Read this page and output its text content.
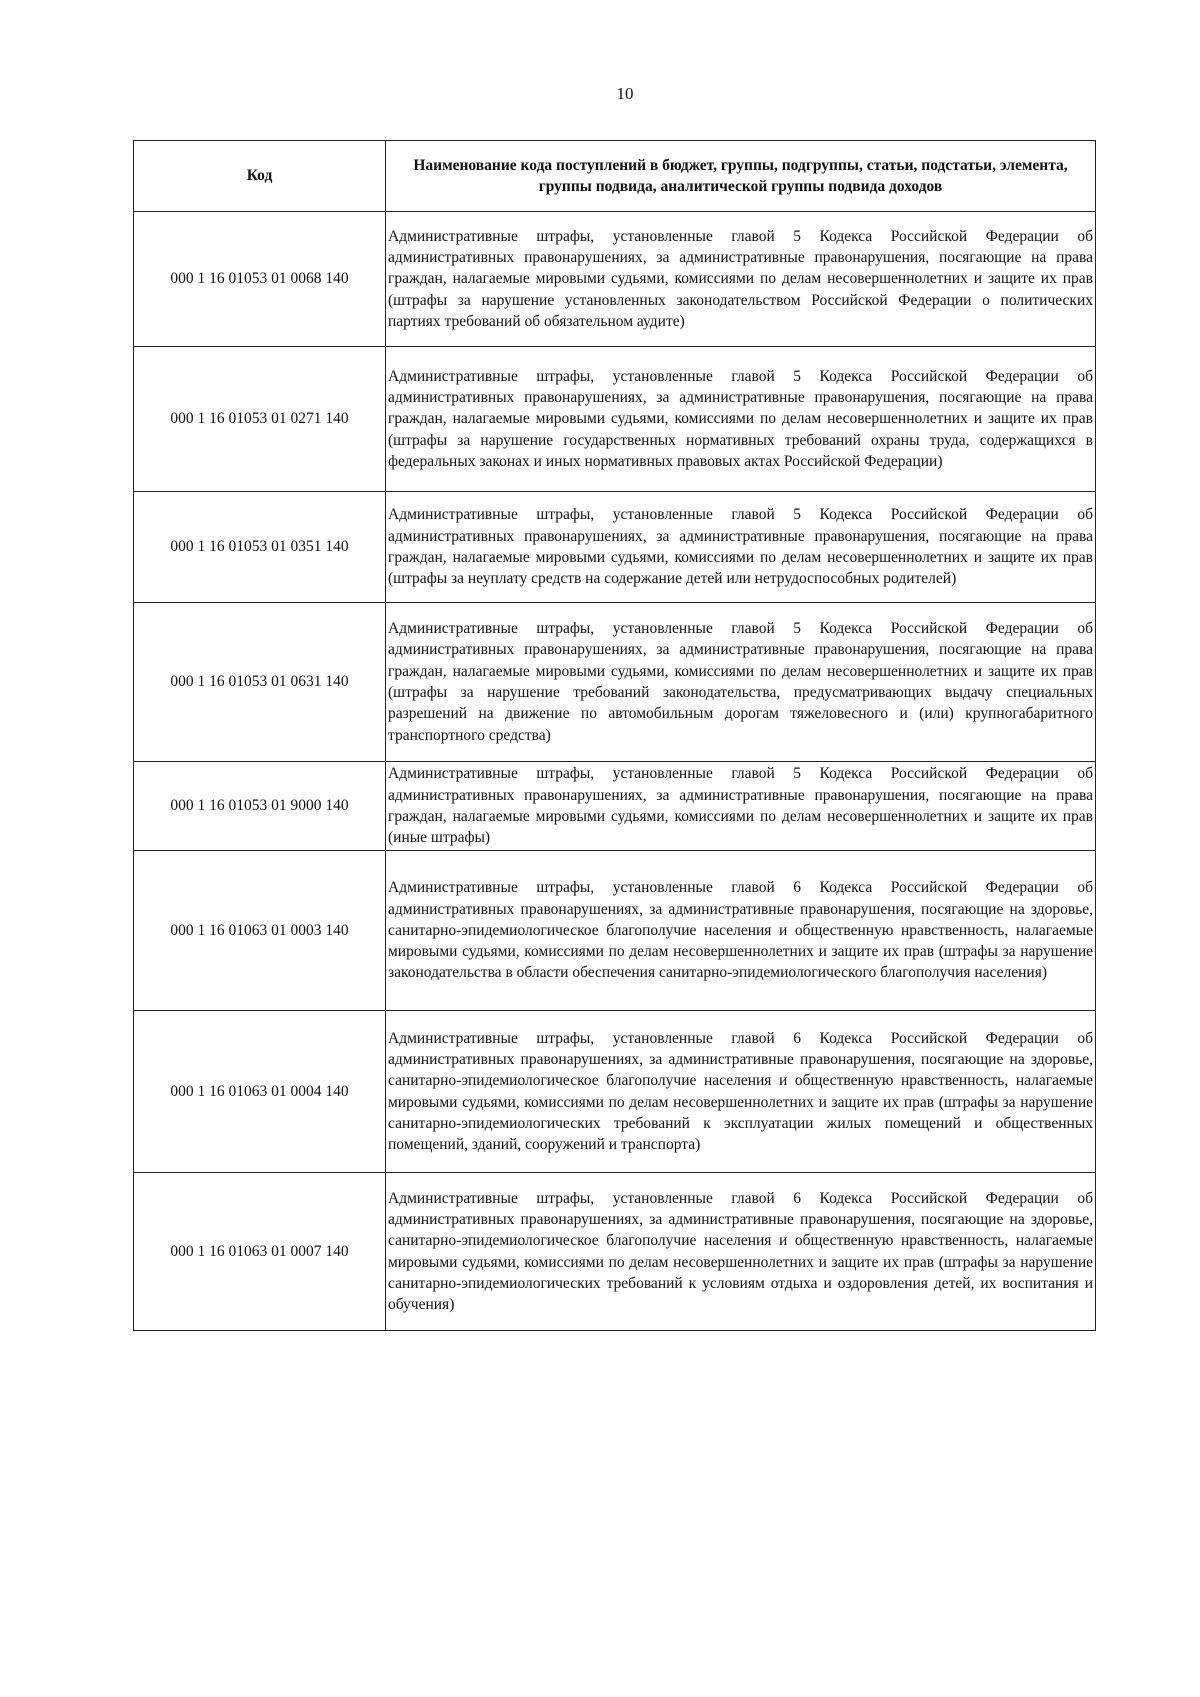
10
Код	Наименование кода поступлений в бюджет, группы, подгруппы, статьи, подстатьи, элемента, группы подвида, аналитической группы подвида доходов
000 1 16 01053 01 0068 140	Административные штрафы, установленные главой 5 Кодекса Российской Федерации об административных правонарушениях, за административные правонарушения, посягающие на права граждан, налагаемые мировыми судьями, комиссиями по делам несовершеннолетних и защите их прав (штрафы за нарушение установленных законодательством Российской Федерации о политических партиях требований об обязательном аудите)
000 1 16 01053 01 0271 140	Административные штрафы, установленные главой 5 Кодекса Российской Федерации об административных правонарушениях, за административные правонарушения, посягающие на права граждан, налагаемые мировыми судьями, комиссиями по делам несовершеннолетних и защите их прав (штрафы за нарушение государственных нормативных требований охраны труда, содержащихся в федеральных законах и иных нормативных правовых актах Российской Федерации)
000 1 16 01053 01 0351 140	Административные штрафы, установленные главой 5 Кодекса Российской Федерации об административных правонарушениях, за административные правонарушения, посягающие на права граждан, налагаемые мировыми судьями, комиссиями по делам несовершеннолетних и защите их прав (штрафы за неуплату средств на содержание детей или нетрудоспособных родителей)
000 1 16 01053 01 0631 140	Административные штрафы, установленные главой 5 Кодекса Российской Федерации об административных правонарушениях, за административные правонарушения, посягающие на права граждан, налагаемые мировыми судьями, комиссиями по делам несовершеннолетних и защите их прав (штрафы за нарушение требований законодательства, предусматривающих выдачу специальных разрешений на движение по автомобильным дорогам тяжеловесного и (или) крупногабаритного транспортного средства)
000 1 16 01053 01 9000 140	Административные штрафы, установленные главой 5 Кодекса Российской Федерации об административных правонарушениях, за административные правонарушения, посягающие на права граждан, налагаемые мировыми судьями, комиссиями по делам несовершеннолетних и защите их прав (иные штрафы)
000 1 16 01063 01 0003 140	Административные штрафы, установленные главой 6 Кодекса Российской Федерации об административных правонарушениях, за административные правонарушения, посягающие на здоровье, санитарно-эпидемиологическое благополучие населения и общественную нравственность, налагаемые мировыми судьями, комиссиями по делам несовершеннолетних и защите их прав (штрафы за нарушение законодательства в области обеспечения санитарно-эпидемиологического благополучия населения)
000 1 16 01063 01 0004 140	Административные штрафы, установленные главой 6 Кодекса Российской Федерации об административных правонарушениях, за административные правонарушения, посягающие на здоровье, санитарно-эпидемиологическое благополучие населения и общественную нравственность, налагаемые мировыми судьями, комиссиями по делам несовершеннолетних и защите их прав (штрафы за нарушение санитарно-эпидемиологических требований к эксплуатации жилых помещений и общественных помещений, зданий, сооружений и транспорта)
000 1 16 01063 01 0007 140	Административные штрафы, установленные главой 6 Кодекса Российской Федерации об административных правонарушениях, за административные правонарушения, посягающие на здоровье, санитарно-эпидемиологическое благополучие населения и общественную нравственность, налагаемые мировыми судьями, комиссиями по делам несовершеннолетних и защите их прав (штрафы за нарушение санитарно-эпидемиологических требований к условиям отдыха и оздоровления детей, их воспитания и обучения)
